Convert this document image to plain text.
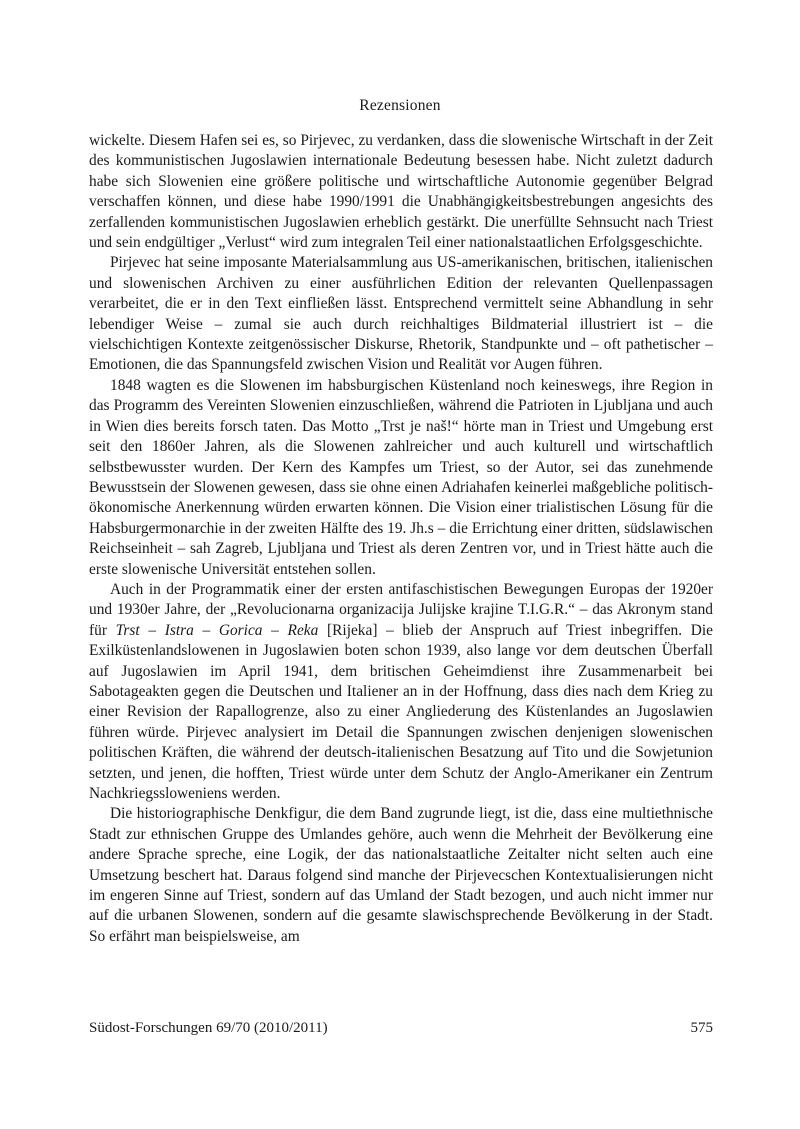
Rezensionen

wickelte. Diesem Hafen sei es, so Pirjevec, zu verdanken, dass die slowenische Wirtschaft in der Zeit des kommunistischen Jugoslawien internationale Bedeutung besessen habe. Nicht zuletzt dadurch habe sich Slowenien eine größere politische und wirtschaftliche Autonomie gegenüber Belgrad verschaffen können, und diese habe 1990/1991 die Unabhängigkeitsbestrebungen angesichts des zerfallenden kommunistischen Jugoslawien erheblich gestärkt. Die unerfüllte Sehnsucht nach Triest und sein endgültiger „Verlust“ wird zum integralen Teil einer nationalstaatlichen Erfolgsgeschichte.

Pirjevec hat seine imposante Materialsammlung aus US-amerikanischen, britischen, italienischen und slowenischen Archiven zu einer ausführlichen Edition der relevanten Quellenpassagen verarbeitet, die er in den Text einfließen lässt. Entsprechend vermittelt seine Abhandlung in sehr lebendiger Weise – zumal sie auch durch reichhaltiges Bildmaterial illustriert ist – die vielschichtigen Kontexte zeitgenössischer Diskurse, Rhetorik, Standpunkte und – oft pathetischer – Emotionen, die das Spannungsfeld zwischen Vision und Realität vor Augen führen.

1848 wagten es die Slowenen im habsburgischen Küstenland noch keineswegs, ihre Region in das Programm des Vereinten Slowenien einzuschließen, während die Patrioten in Ljubljana und auch in Wien dies bereits forsch taten. Das Motto „Trst je naš!“ hörte man in Triest und Umgebung erst seit den 1860er Jahren, als die Slowenen zahlreicher und auch kulturell und wirtschaftlich selbstbewusster wurden. Der Kern des Kampfes um Triest, so der Autor, sei das zunehmende Bewusstsein der Slowenen gewesen, dass sie ohne einen Adriahafen keinerlei maßgebliche politisch-ökonomische Anerkennung würden erwarten können. Die Vision einer trialistischen Lösung für die Habsburgermonarchie in der zweiten Hälfte des 19. Jh.s – die Errichtung einer dritten, südslawischen Reichseinheit – sah Zagreb, Ljubljana und Triest als deren Zentren vor, und in Triest hätte auch die erste slowenische Universität entstehen sollen.

Auch in der Programmatik einer der ersten antifaschistischen Bewegungen Europas der 1920er und 1930er Jahre, der „Revolucionarna organizacija Julijske krajine T.I.G.R.“ – das Akronym stand für Trst – Istra – Gorica – Reka [Rijeka] – blieb der Anspruch auf Triest inbegriffen. Die Exilküstenlandslowenen in Jugoslawien boten schon 1939, also lange vor dem deutschen Überfall auf Jugoslawien im April 1941, dem britischen Geheimdienst ihre Zusammenarbeit bei Sabotageakten gegen die Deutschen und Italiener an in der Hoffnung, dass dies nach dem Krieg zu einer Revision der Rapallogrenze, also zu einer Angliederung des Küstenlandes an Jugoslawien führen würde. Pirjevec analysiert im Detail die Spannungen zwischen denjenigen slowenischen politischen Kräften, die während der deutsch-italienischen Besatzung auf Tito und die Sowjetunion setzten, und jenen, die hofften, Triest würde unter dem Schutz der Anglo-Amerikaner ein Zentrum Nachkriegssloweniens werden.

Die historiographische Denkfigur, die dem Band zugrunde liegt, ist die, dass eine multiethnische Stadt zur ethnischen Gruppe des Umlandes gehöre, auch wenn die Mehrheit der Bevölkerung eine andere Sprache spreche, eine Logik, der das nationalstaatliche Zeitalter nicht selten auch eine Umsetzung beschert hat. Daraus folgend sind manche der Pirjevecschen Kontextualisierungen nicht im engeren Sinne auf Triest, sondern auf das Umland der Stadt bezogen, und auch nicht immer nur auf die urbanen Slowenen, sondern auf die gesamte slawischsprechende Bevölkerung in der Stadt. So erfährt man beispielsweise, am

Südost-Forschungen 69/70 (2010/2011)	575
